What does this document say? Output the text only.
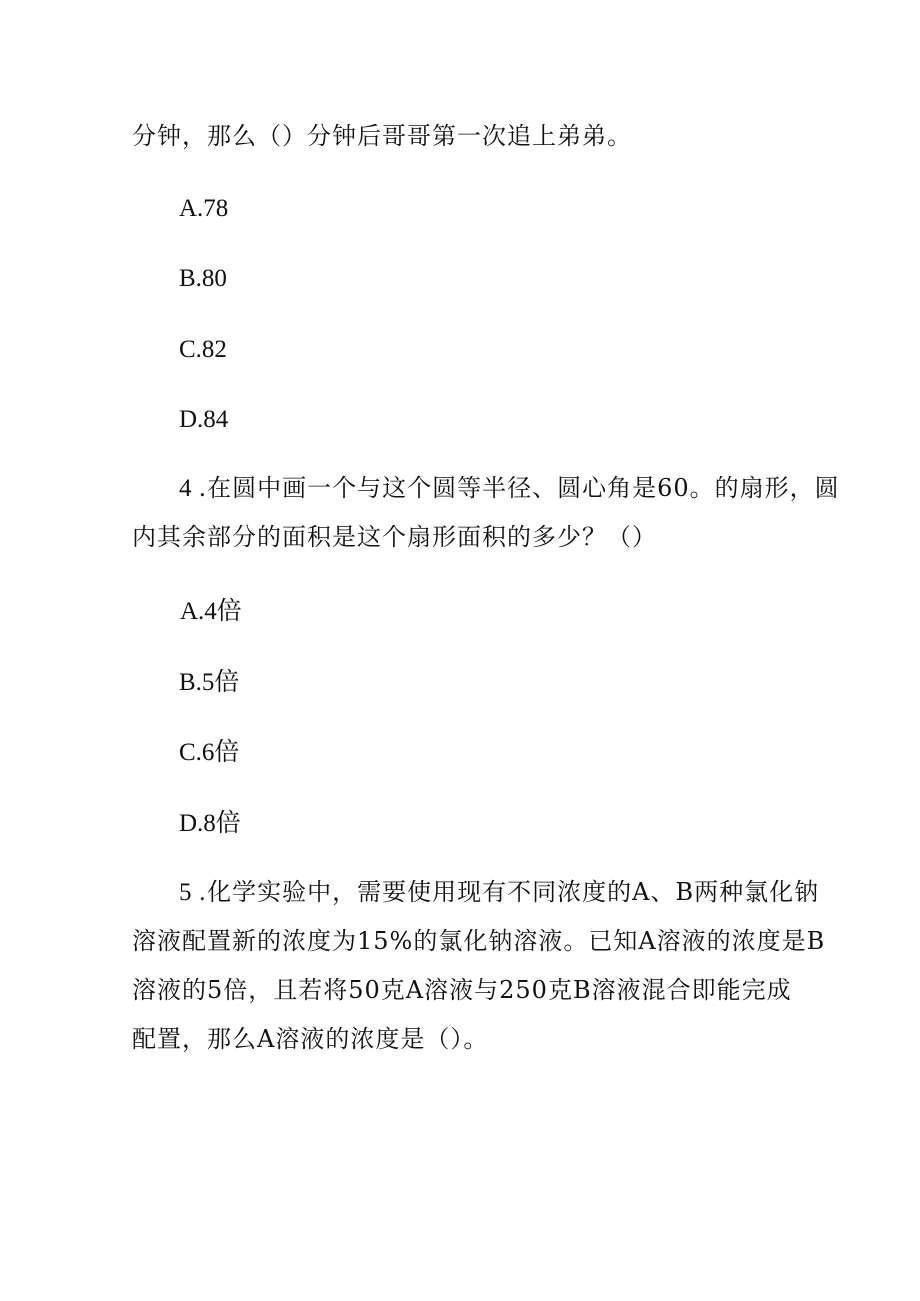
分钟，那么（）分钟后哥哥第一次追上弟弟。
A.78
B.80
C.82
D.84
4 .在圆中画一个与这个圆等半径、圆心角是60。的扇形，圆
内其余部分的面积是这个扇形面积的多少？（）
A.4倍
B.5倍
C.6倍
D.8倍
5 .化学实验中，需要使用现有不同浓度的A、B两种氯化钠
溶液配置新的浓度为15%的氯化钠溶液。已知A溶液的浓度是B
溶液的5倍，且若将50克A溶液与250克B溶液混合即能完成
配置，那么A溶液的浓度是（）。
